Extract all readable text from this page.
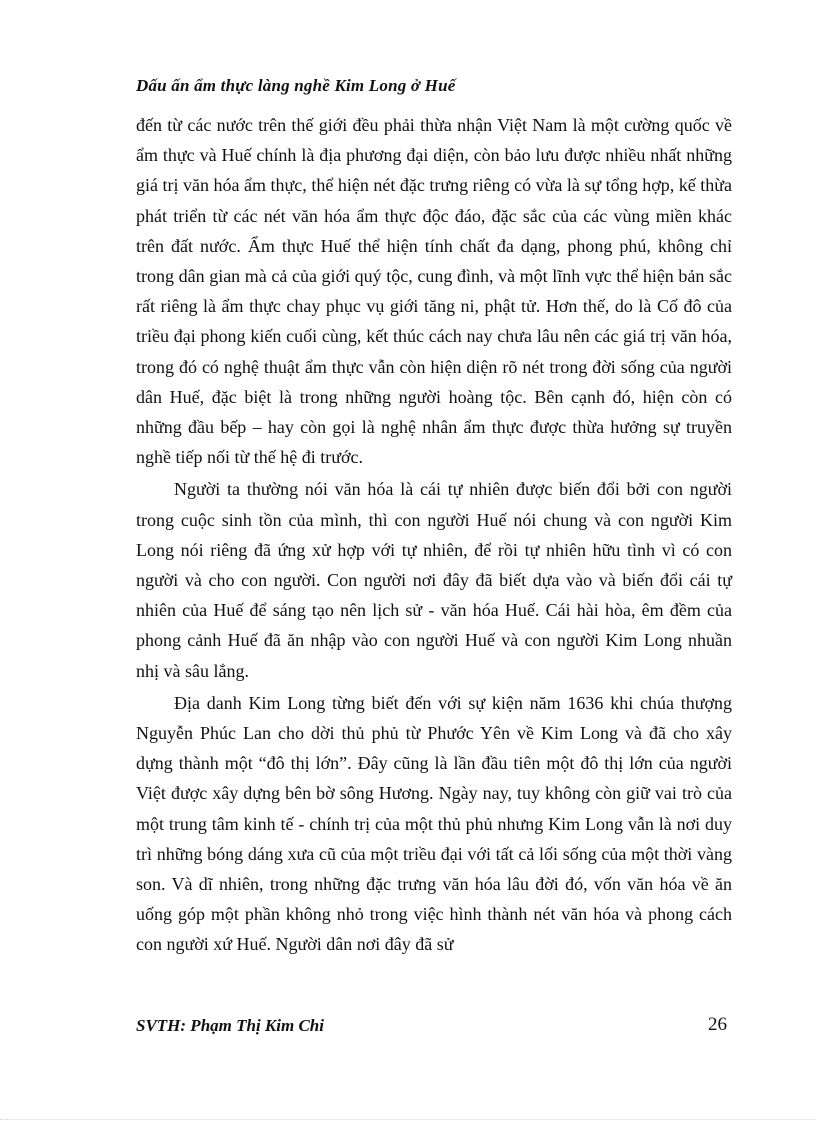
Dấu ấn ẩm thực làng nghề Kim Long ở Huế

đến từ các nước trên thế giới đều phải thừa nhận Việt Nam là một cường quốc về ẩm thực và Huế chính là địa phương đại diện, còn bảo lưu được nhiều nhất những giá trị văn hóa ẩm thực, thể hiện nét đặc trưng riêng có vừa là sự tổng hợp, kế thừa phát triển từ các nét văn hóa ẩm thực độc đáo, đặc sắc của các vùng miền khác trên đất nước. Ẩm thực Huế thể hiện tính chất đa dạng, phong phú, không chỉ trong dân gian mà cả của giới quý tộc, cung đình, và một lĩnh vực thể hiện bản sắc rất riêng là ẩm thực chay phục vụ giới tăng ni, phật tử. Hơn thế, do là Cố đô của triều đại phong kiến cuối cùng, kết thúc cách nay chưa lâu nên các giá trị văn hóa, trong đó có nghệ thuật ẩm thực vẫn còn hiện diện rõ nét trong đời sống của người dân Huế, đặc biệt là trong những người hoàng tộc. Bên cạnh đó, hiện còn có những đầu bếp – hay còn gọi là nghệ nhân ẩm thực được thừa hưởng sự truyền nghề tiếp nối từ thế hệ đi trước.

Người ta thường nói văn hóa là cái tự nhiên được biến đổi bởi con người trong cuộc sinh tồn của mình, thì con người Huế nói chung và con người Kim Long nói riêng đã ứng xử hợp với tự nhiên, để rồi tự nhiên hữu tình vì có con người và cho con người. Con người nơi đây đã biết dựa vào và biến đổi cái tự nhiên của Huế để sáng tạo nên lịch sử - văn hóa Huế. Cái hài hòa, êm đềm của phong cảnh Huế đã ăn nhập vào con người Huế và con người Kim Long nhuần nhị và sâu lắng.

Địa danh Kim Long từng biết đến với sự kiện năm 1636 khi chúa thượng Nguyễn Phúc Lan cho dời thủ phủ từ Phước Yên về Kim Long và đã cho xây dựng thành một “đô thị lớn”. Đây cũng là lần đầu tiên một đô thị lớn của người Việt được xây dựng bên bờ sông Hương. Ngày nay, tuy không còn giữ vai trò của một trung tâm kinh tế - chính trị của một thủ phủ nhưng Kim Long vẫn là nơi duy trì những bóng dáng xưa cũ của một triều đại với tất cả lối sống của một thời vàng son. Và dĩ nhiên, trong những đặc trưng văn hóa lâu đời đó, vốn văn hóa về ăn uống góp một phần không nhỏ trong việc hình thành nét văn hóa và phong cách con người xứ Huế. Người dân nơi đây đã sử

SVTH: Phạm Thị Kim Chi	26
